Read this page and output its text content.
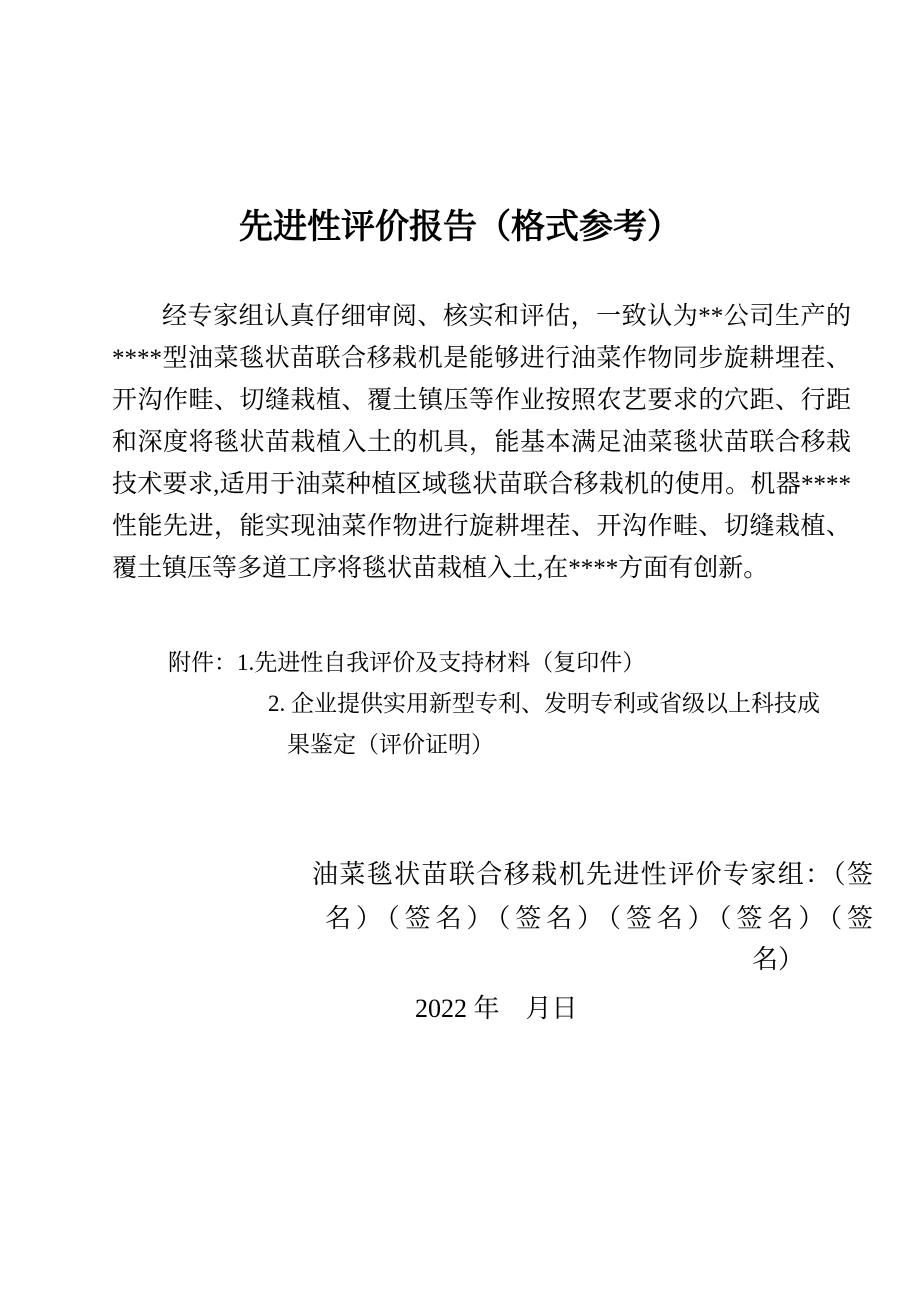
先进性评价报告（格式参考）
经专家组认真仔细审阅、核实和评估，一致认为**公司生产的
****型油菜毯状苗联合移栽机是能够进行油菜作物同步旋耕埋茬、
开沟作畦、切缝栽植、覆土镇压等作业按照农艺要求的穴距、行距
和深度将毯状苗栽植入土的机具，能基本满足油菜毯状苗联合移栽
技术要求,适用于油菜种植区域毯状苗联合移栽机的使用。机器****
性能先进，能实现油菜作物进行旋耕埋茬、开沟作畦、切缝栽植、
覆土镇压等多道工序将毯状苗栽植入土,在****方面有创新。
附件：1.先进性自我评价及支持材料（复印件）
2. 企业提供实用新型专利、发明专利或省级以上科技成
果鉴定（评价证明）

油菜毯状苗联合移栽机先进性评价专家组：（签

名）（签名）（签名）（签名）（签名）（签

名）

2022 年　月日
